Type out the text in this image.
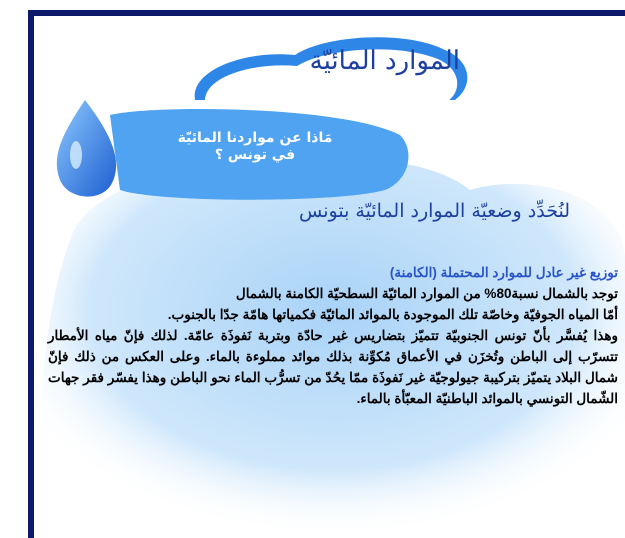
الموارد المائيّة
مَاذا عن مواردنا المائيّة
في تونس ؟
لنُحَدِّد وضعيّة الموارد المائيّة بتونس

توزيع غير عادل للموارد المحتملة (الكامنة)

توجد بالشمال نسبة80% من الموارد المائيّة السطحيّة الكامنة بالشمال

أمّا المياه الجوفيّة وخاصّة تلك الموجودة بالموائد المائيّة فكمياتها هامّة جدّا بالجنوب.

وهذا يُفسَّر بأنّ تونس الجنوبيّة تتميّز بتضاريس غير حادّة وبتربة نَفوذَة عامّة. لذلك فإنّ مياه الأمطار تتسرّب إلى الباطن وتُخزَن في الأعماق مُكوِّنة بذلك موائد مملوءة بالماء. وعلى العكس من ذلك فإنّ شمال البلاد يتميّز بتركيبة جيولوجيّة غير نَفوذَة ممّا يحُدّ من تسرُّب الماء نحو الباطن وهذا يفسّر فقر جهات الشّمال التونسي بالموائد الباطنيّة المعبّأة بالماء.
